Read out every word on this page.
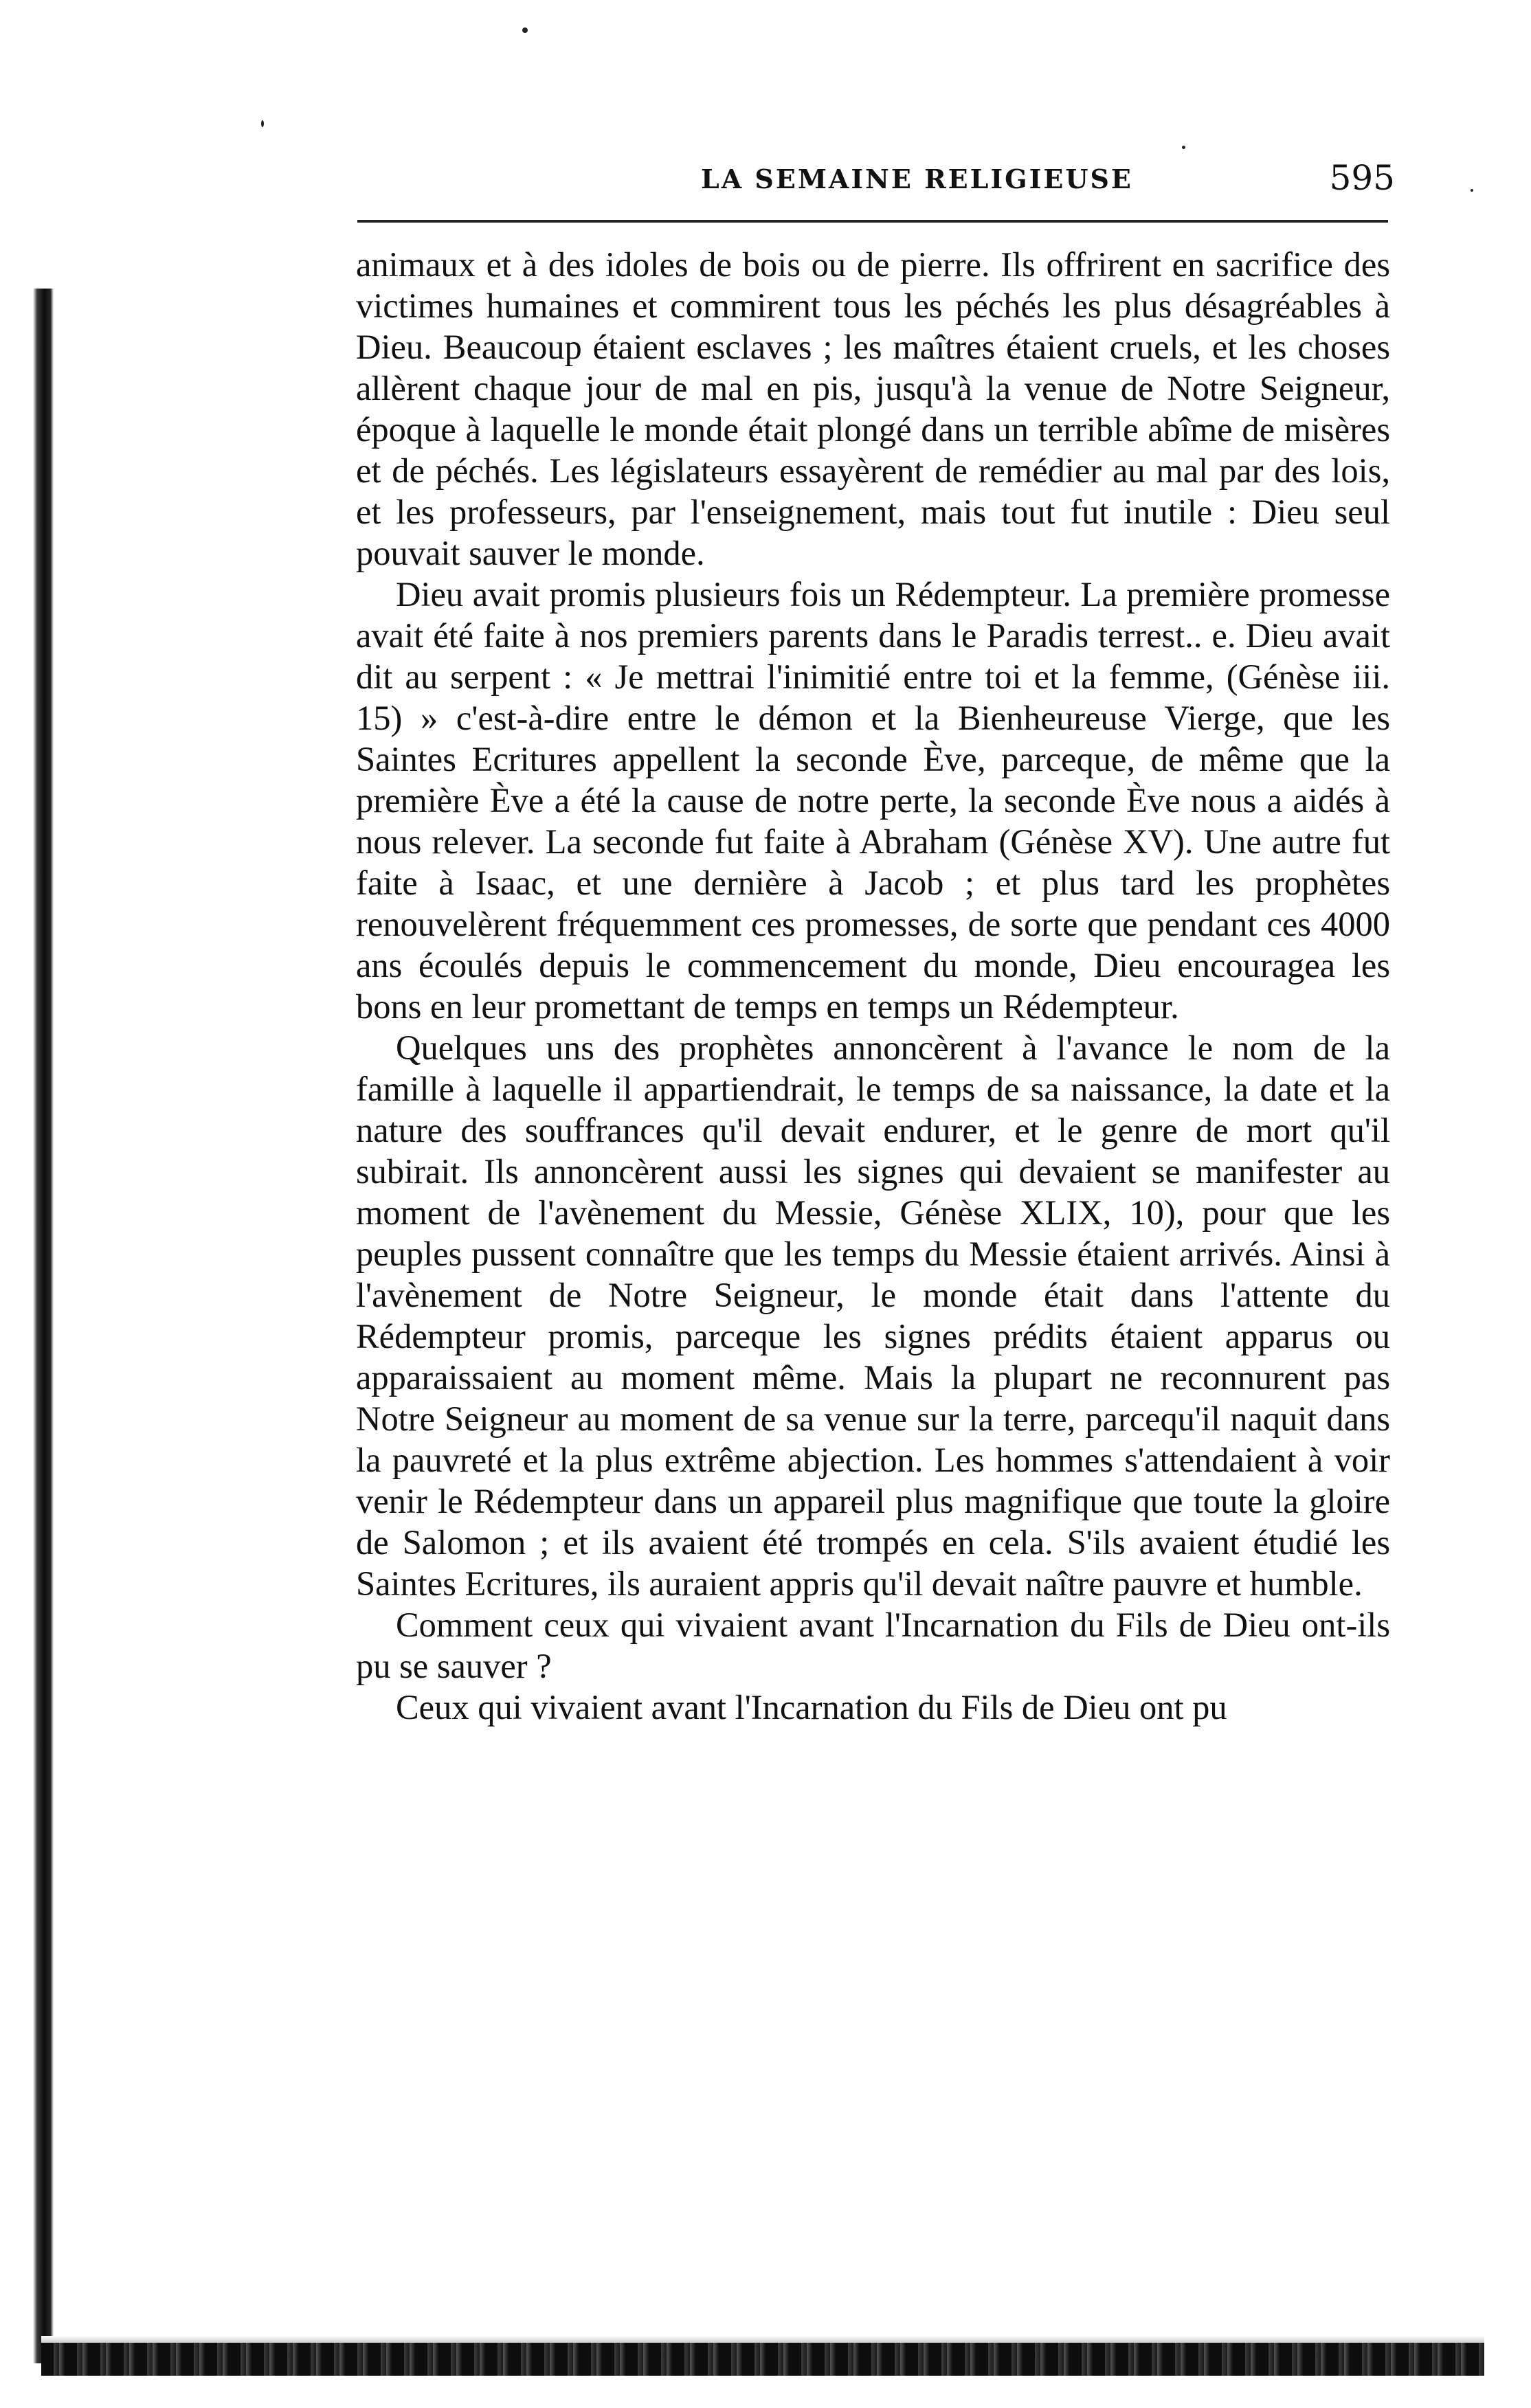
LA SEMAINE RELIGIEUSE	595

animaux et à des idoles de bois ou de pierre. Ils offrirent en sacrifice des victimes humaines et commirent tous les péchés les plus désagréables à Dieu. Beaucoup étaient esclaves ; les maîtres étaient cruels, et les choses allèrent chaque jour de mal en pis, jusqu'à la venue de Notre Seigneur, époque à laquelle le monde était plongé dans un terrible abîme de misères et de péchés. Les législateurs essayèrent de remédier au mal par des lois, et les professeurs, par l'enseignement, mais tout fut inutile : Dieu seul pouvait sauver le monde.

Dieu avait promis plusieurs fois un Rédempteur. La première promesse avait été faite à nos premiers parents dans le Paradis terrest.. e. Dieu avait dit au serpent : « Je mettrai l'inimitié entre toi et la femme, (Génèse iii. 15) » c'est-à-dire entre le démon et la Bienheureuse Vierge, que les Saintes Ecritures appellent la seconde Ève, parceque, de même que la première Ève a été la cause de notre perte, la seconde Ève nous a aidés à nous relever. La seconde fut faite à Abraham (Génèse XV). Une autre fut faite à Isaac, et une dernière à Jacob ; et plus tard les prophètes renouvelèrent fréquemment ces promesses, de sorte que pendant ces 4000 ans écoulés depuis le commencement du monde, Dieu encouragea les bons en leur promettant de temps en temps un Rédempteur.

Quelques uns des prophètes annoncèrent à l'avance le nom de la famille à laquelle il appartiendrait, le temps de sa naissance, la date et la nature des souffrances qu'il devait endurer, et le genre de mort qu'il subirait. Ils annoncèrent aussi les signes qui devaient se manifester au moment de l'avènement du Messie, Génèse XLIX, 10), pour que les peuples pussent connaître que les temps du Messie étaient arrivés. Ainsi à l'avènement de Notre Seigneur, le monde était dans l'attente du Rédempteur promis, parceque les signes prédits étaient apparus ou apparaissaient au moment même. Mais la plupart ne reconnurent pas Notre Seigneur au moment de sa venue sur la terre, parcequ'il naquit dans la pauvreté et la plus extrême abjection. Les hommes s'attendaient à voir venir le Rédempteur dans un appareil plus magnifique que toute la gloire de Salomon ; et ils avaient été trompés en cela. S'ils avaient étudié les Saintes Ecritures, ils auraient appris qu'il devait naître pauvre et humble.

Comment ceux qui vivaient avant l'Incarnation du Fils de Dieu ont-ils pu se sauver ?

Ceux qui vivaient avant l'Incarnation du Fils de Dieu ont pu
